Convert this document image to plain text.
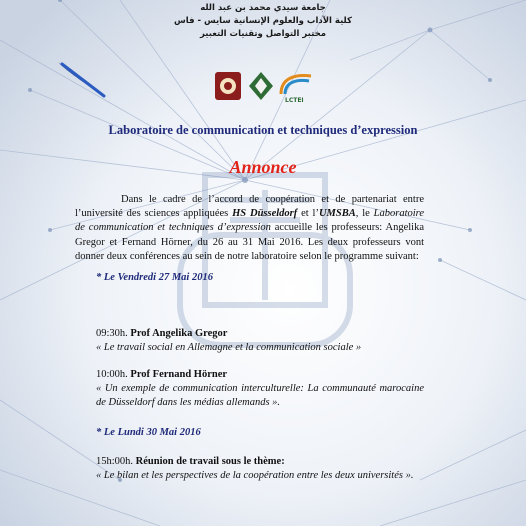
جامعة سيدي محمد بن عبد الله
كلية الآداب والعلوم الإنسانية سايس - فاس
مختبر التواصل وتقنيات التعبير
LCTEI
Laboratoire de communication et techniques d’expression
Annonce

Dans le cadre de l’accord de coopération et de partenariat entre l’université des sciences appliquées HS Düsseldorf et l’UMSBA, le Laboratoire de communication et techniques d’expression accueille les professeurs: Angelika Gregor et Fernand Hörner, du 26 au 31 Mai 2016. Les deux professeurs vont donner deux conférences au sein de notre laboratoire selon le programme suivant:

* Le Vendredi 27 Mai 2016
09:30h. Prof Angelika Gregor
« Le travail social en Allemagne et la communication sociale »
10:00h. Prof Fernand Hörner
« Un exemple de communication interculturelle: La communauté marocaine de Düsseldorf dans les médias allemands ».
* Le Lundi 30 Mai 2016
15h:00h. Réunion de travail sous le thème:
« Le bilan et les perspectives de la coopération entre les deux universités ».
